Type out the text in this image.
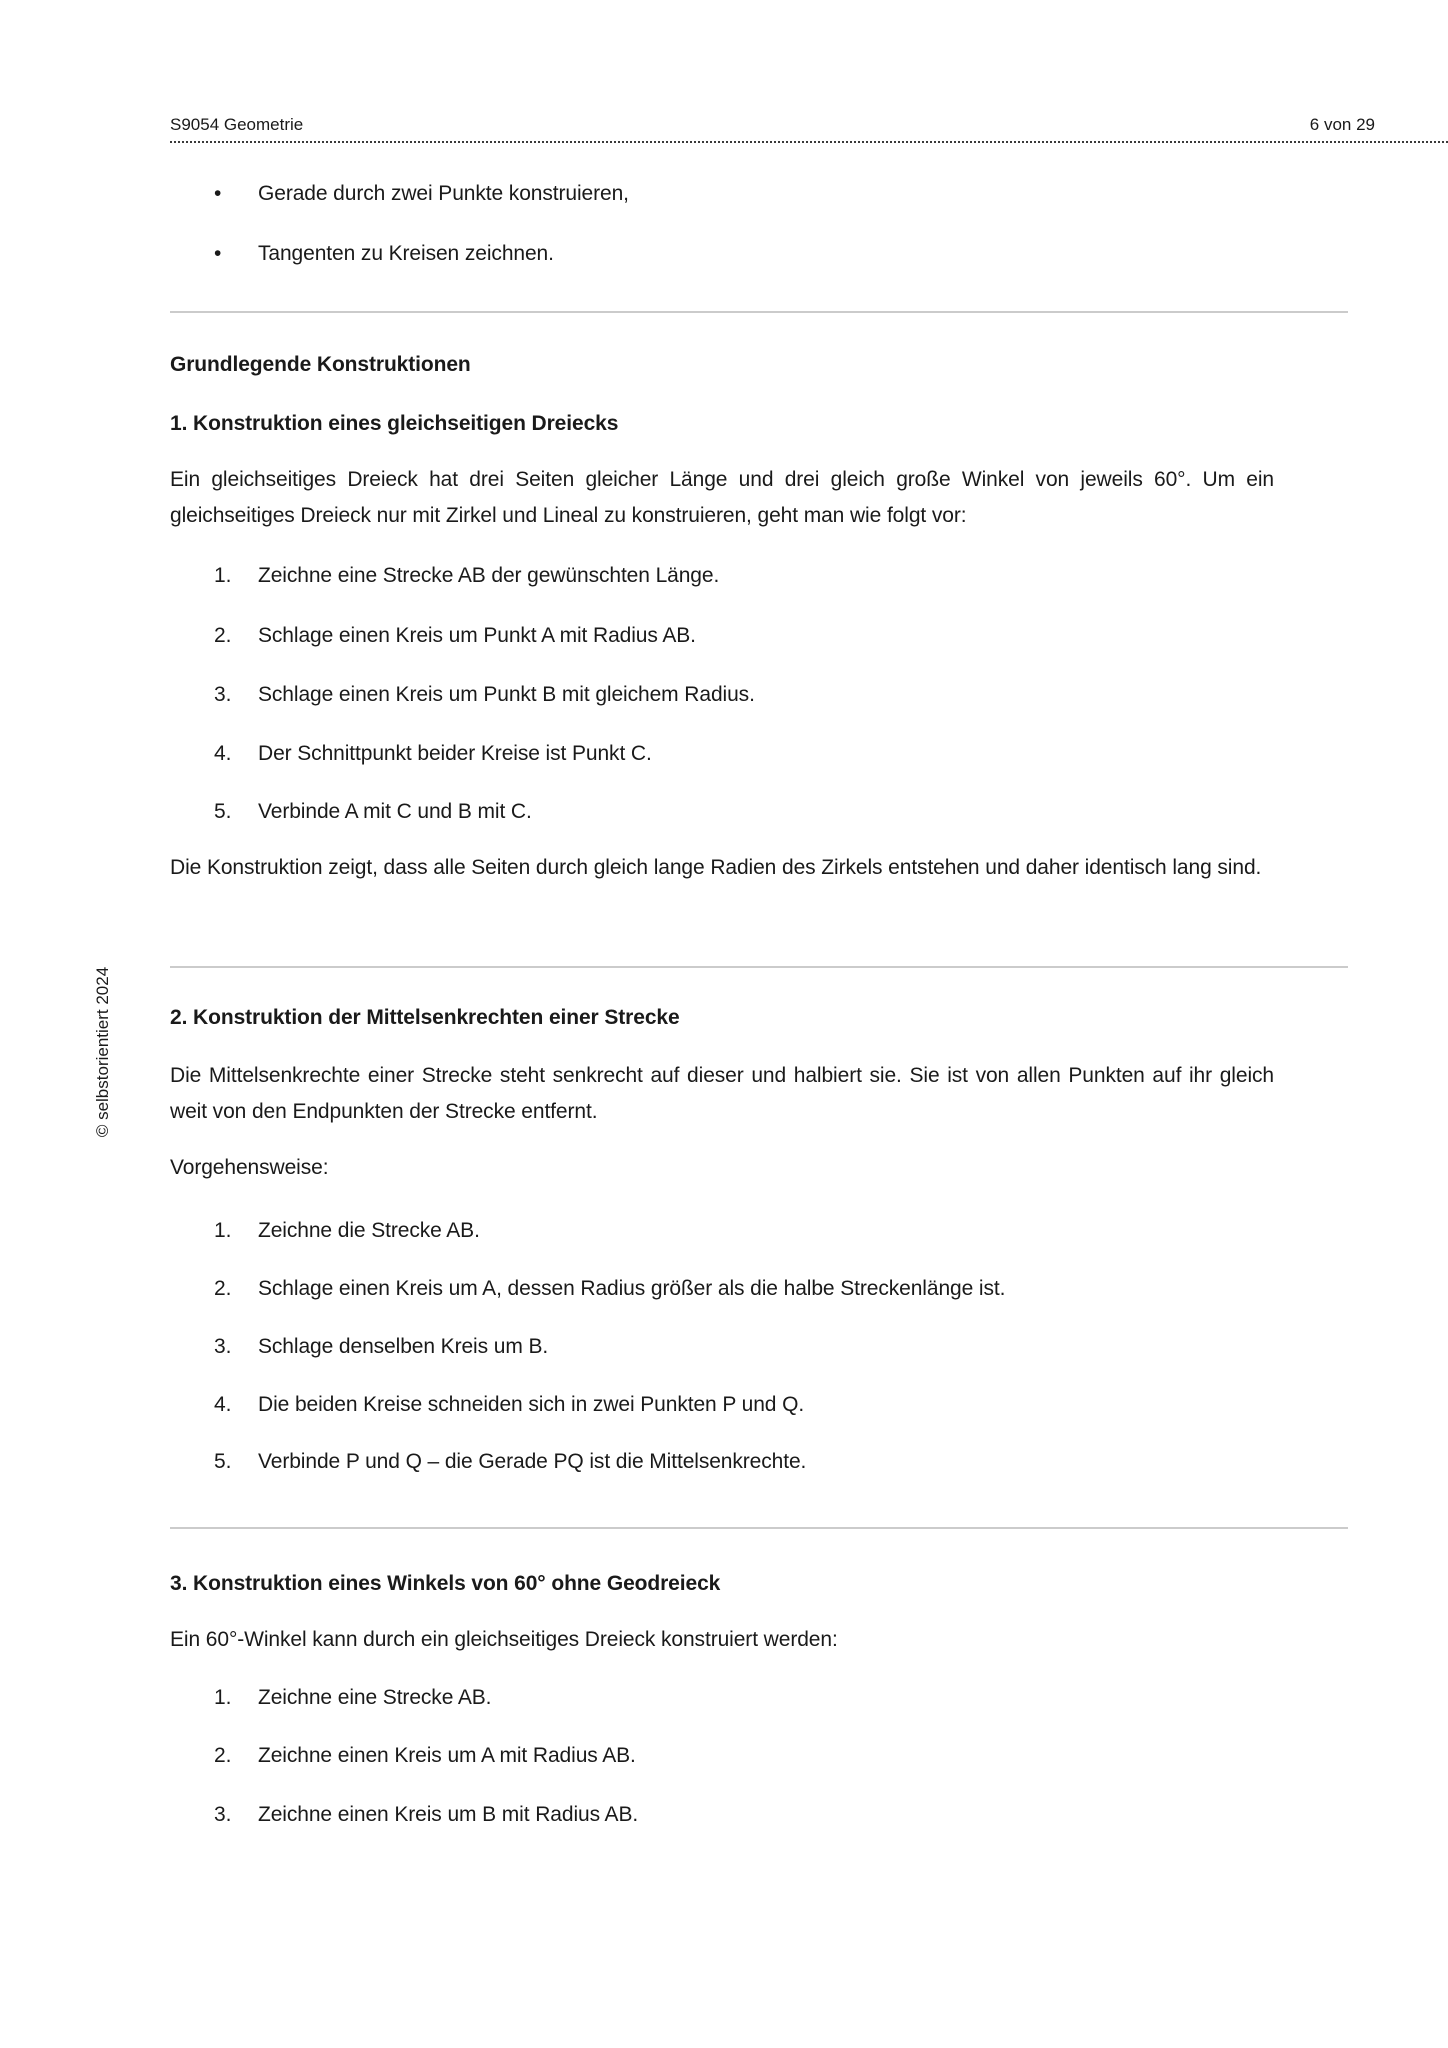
S9054 Geometrie	6 von 29
© selbstorientiert 2024
•	Gerade durch zwei Punkte konstruieren,
•	Tangenten zu Kreisen zeichnen.
Grundlegende Konstruktionen
1. Konstruktion eines gleichseitigen Dreiecks
Ein gleichseitiges Dreieck hat drei Seiten gleicher Länge und drei gleich große Winkel von jeweils 60°. Um ein gleichseitiges Dreieck nur mit Zirkel und Lineal zu konstruieren, geht man wie folgt vor:
1.	Zeichne eine Strecke AB der gewünschten Länge.
2.	Schlage einen Kreis um Punkt A mit Radius AB.
3.	Schlage einen Kreis um Punkt B mit gleichem Radius.
4.	Der Schnittpunkt beider Kreise ist Punkt C.
5.	Verbinde A mit C und B mit C.
Die Konstruktion zeigt, dass alle Seiten durch gleich lange Radien des Zirkels entstehen und daher identisch lang sind.
2. Konstruktion der Mittelsenkrechten einer Strecke
Die Mittelsenkrechte einer Strecke steht senkrecht auf dieser und halbiert sie. Sie ist von allen Punkten auf ihr gleich weit von den Endpunkten der Strecke entfernt.
Vorgehensweise:
1.	Zeichne die Strecke AB.
2.	Schlage einen Kreis um A, dessen Radius größer als die halbe Streckenlänge ist.
3.	Schlage denselben Kreis um B.
4.	Die beiden Kreise schneiden sich in zwei Punkten P und Q.
5.	Verbinde P und Q – die Gerade PQ ist die Mittelsenkrechte.
3. Konstruktion eines Winkels von 60° ohne Geodreieck
Ein 60°-Winkel kann durch ein gleichseitiges Dreieck konstruiert werden:
1.	Zeichne eine Strecke AB.
2.	Zeichne einen Kreis um A mit Radius AB.
3.	Zeichne einen Kreis um B mit Radius AB.
